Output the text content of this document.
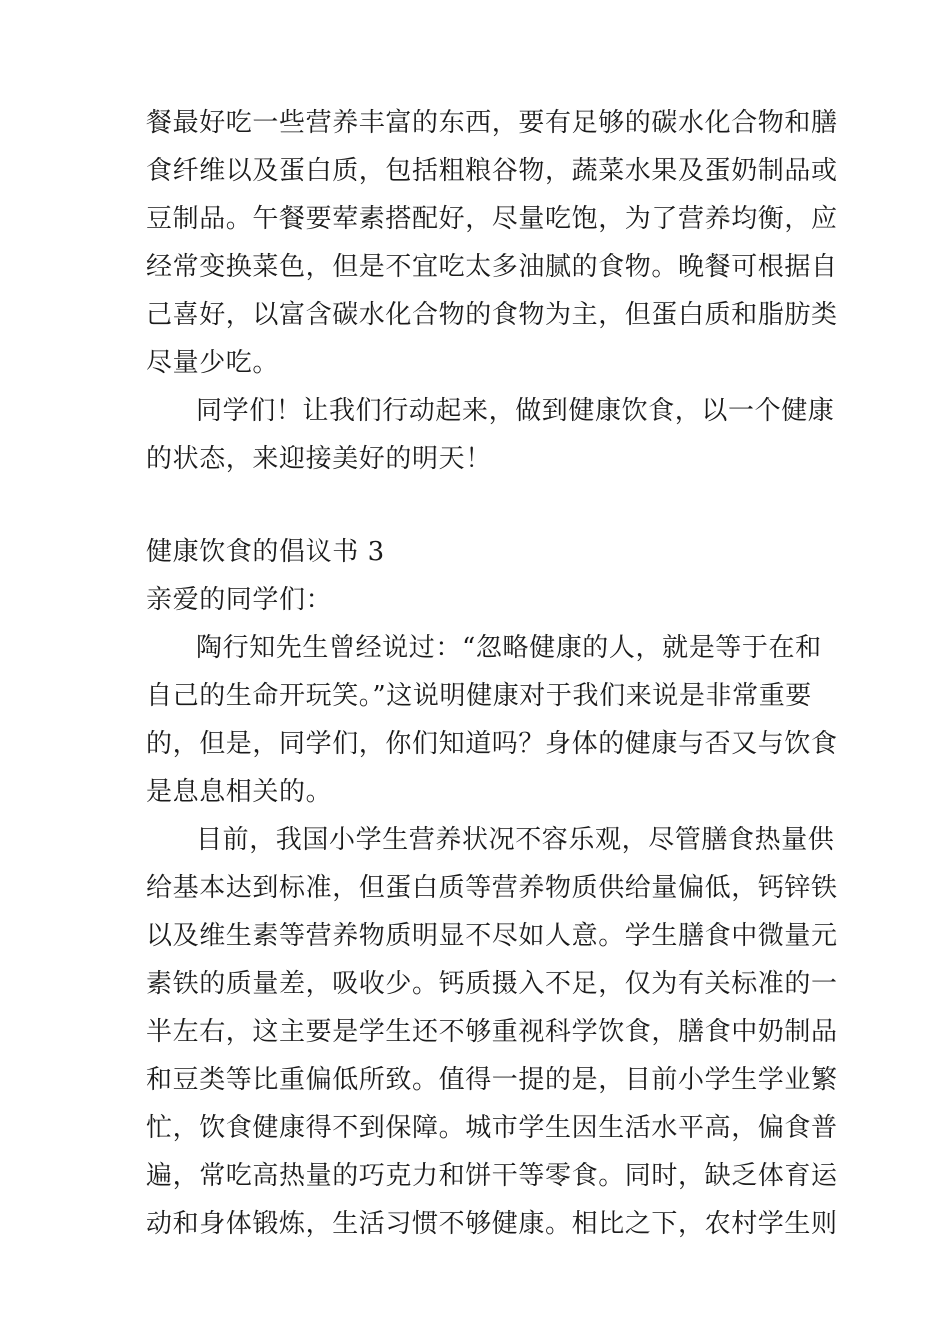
餐最好吃一些营养丰富的东西，要有足够的碳水化合物和膳
食纤维以及蛋白质，包括粗粮谷物，蔬菜水果及蛋奶制品或
豆制品。午餐要荤素搭配好，尽量吃饱，为了营养均衡，应
经常变换菜色，但是不宜吃太多油腻的食物。晚餐可根据自
己喜好，以富含碳水化合物的食物为主，但蛋白质和脂肪类
尽量少吃。
同学们！让我们行动起来，做到健康饮食，以一个健康
的状态，来迎接美好的明天！
健康饮食的倡议书 3
亲爱的同学们：
陶行知先生曾经说过：“忽略健康的人，就是等于在和
自己的生命开玩笑。”这说明健康对于我们来说是非常重要
的，但是，同学们，你们知道吗？身体的健康与否又与饮食
是息息相关的。
目前，我国小学生营养状况不容乐观，尽管膳食热量供
给基本达到标准，但蛋白质等营养物质供给量偏低，钙锌铁
以及维生素等营养物质明显不尽如人意。学生膳食中微量元
素铁的质量差，吸收少。钙质摄入不足，仅为有关标准的一
半左右，这主要是学生还不够重视科学饮食，膳食中奶制品
和豆类等比重偏低所致。值得一提的是，目前小学生学业繁
忙，饮食健康得不到保障。城市学生因生活水平高，偏食普
遍，常吃高热量的巧克力和饼干等零食。同时，缺乏体育运
动和身体锻炼，生活习惯不够健康。相比之下，农村学生则
